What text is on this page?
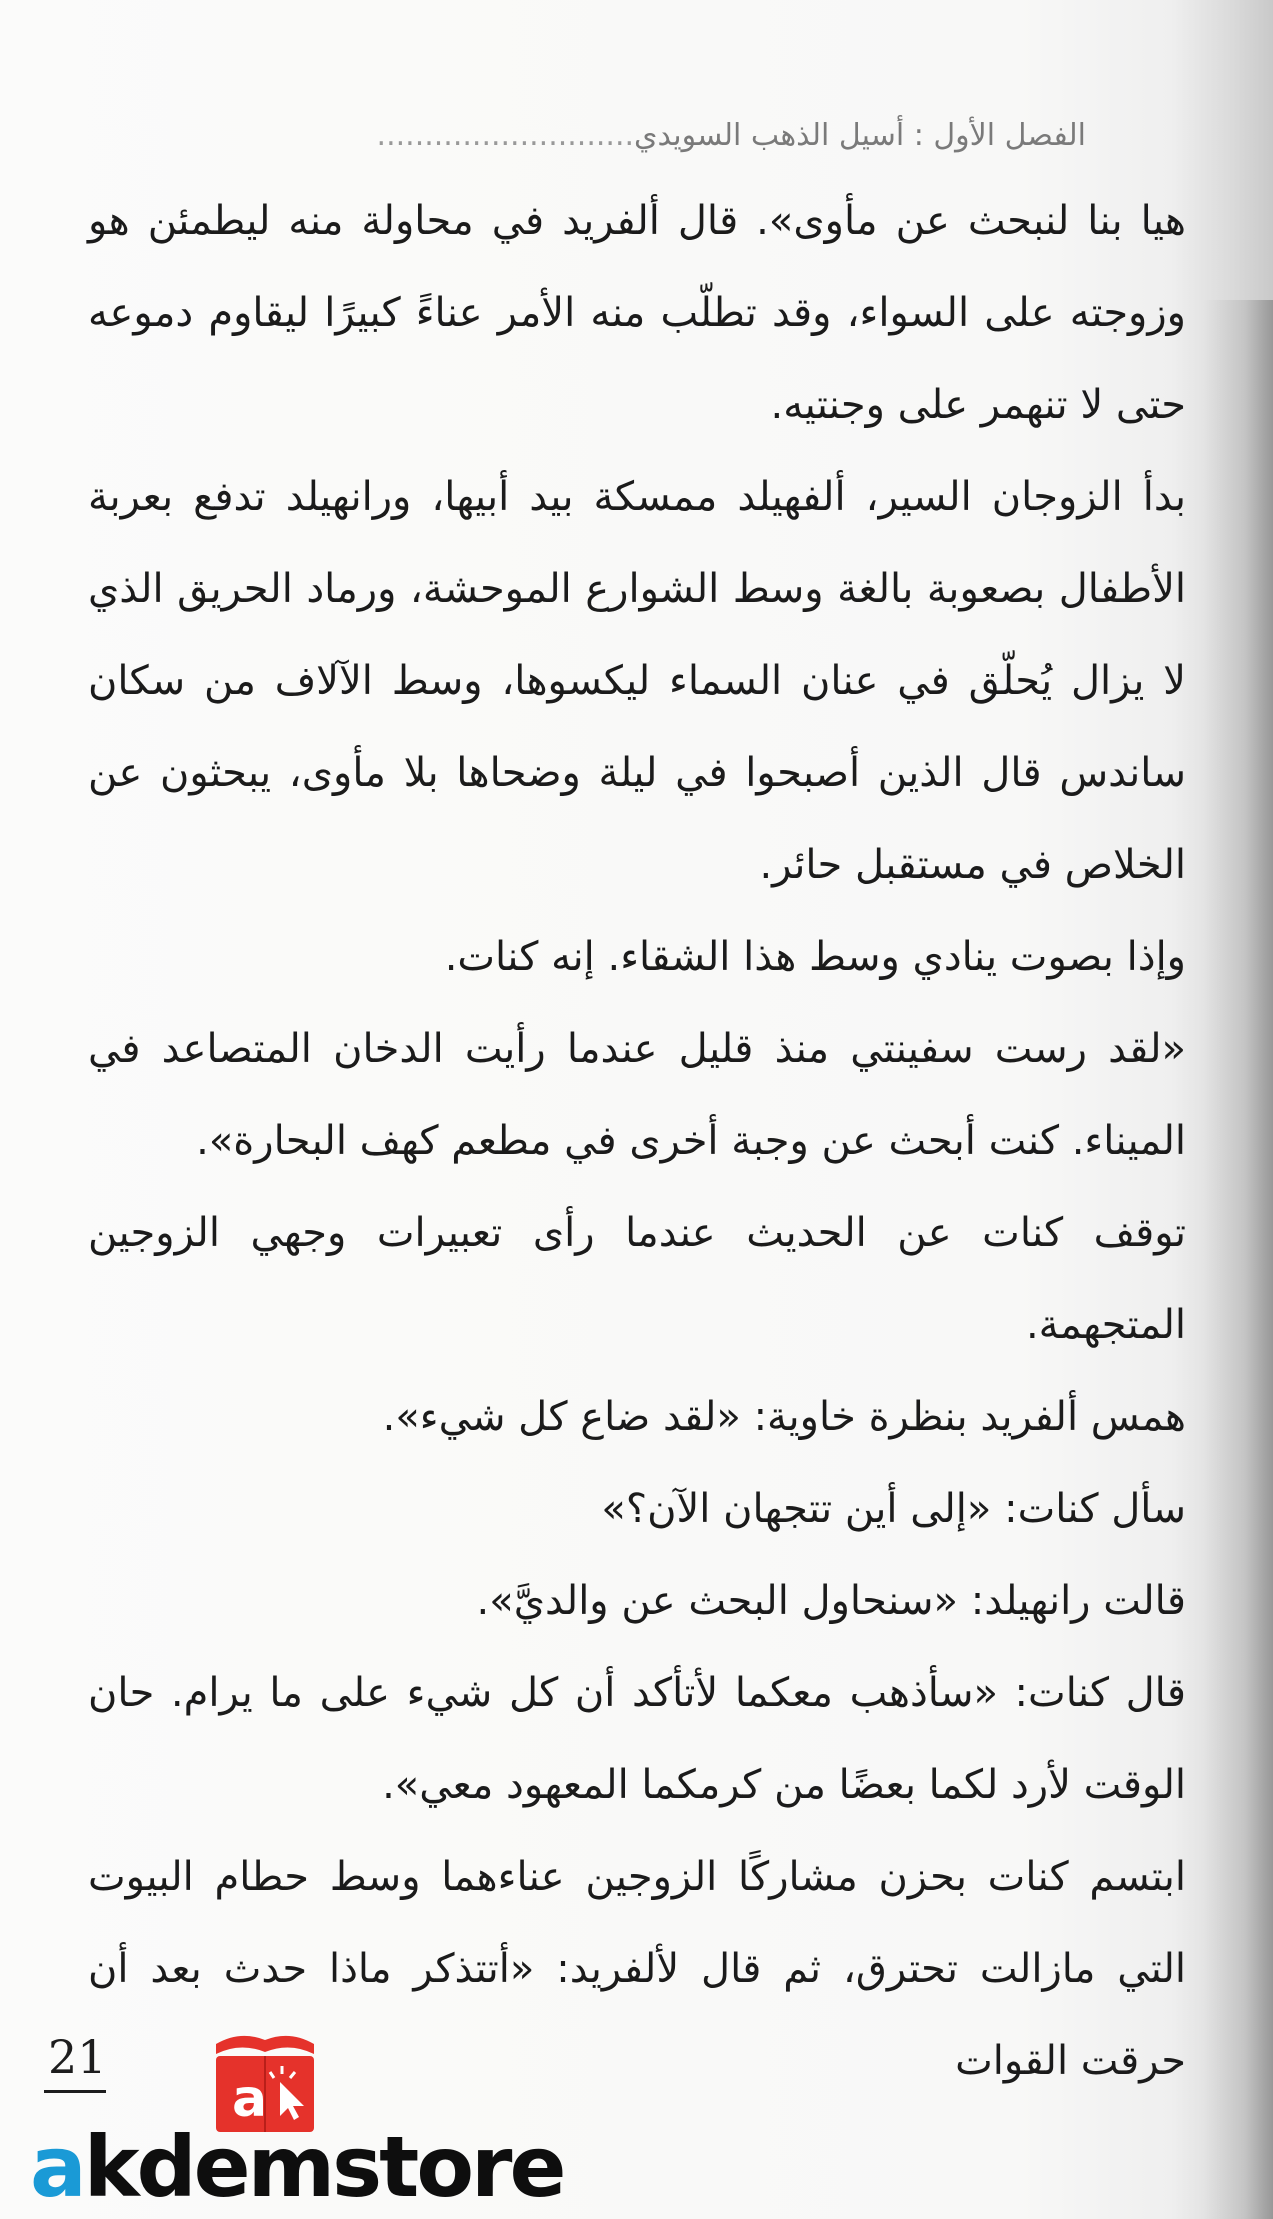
الفصل الأول : أسيل الذهب السويدي...........................

هيا بنا لنبحث عن مأوى». قال ألفريد في محاولة منه ليطمئن هو وزوجته على السواء، وقد تطلّب منه الأمر عناءً كبيرًا ليقاوم دموعه حتى لا تنهمر على وجنتيه.

بدأ الزوجان السير، ألفهيلد ممسكة بيد أبيها، ورانهيلد تدفع بعربة الأطفال بصعوبة بالغة وسط الشوارع الموحشة، ورماد الحريق الذي لا يزال يُحلّق في عنان السماء ليكسوها، وسط الآلاف من سكان ساندس قال الذين أصبحوا في ليلة وضحاها بلا مأوى، يبحثون عن الخلاص في مستقبل حائر.

وإذا بصوت ينادي وسط هذا الشقاء. إنه كنات.

«لقد رست سفينتي منذ قليل عندما رأيت الدخان المتصاعد في الميناء. كنت أبحث عن وجبة أخرى في مطعم كهف البحارة».

توقف كنات عن الحديث عندما رأى تعبيرات وجهي الزوجين المتجهمة.

همس ألفريد بنظرة خاوية: «لقد ضاع كل شيء».

سأل كنات: «إلى أين تتجهان الآن؟»

قالت رانهيلد: «سنحاول البحث عن والديَّ».

قال كنات: «سأذهب معكما لأتأكد أن كل شيء على ما يرام. حان الوقت لأرد لكما بعضًا من كرمكما المعهود معي».

ابتسم كنات بحزن مشاركًا الزوجين عناءهما وسط حطام البيوت التي مازالت تحترق، ثم قال لألفريد: «أتتذكر ماذا حدث بعد أن حرقت القوات

21
a
akdemstore
